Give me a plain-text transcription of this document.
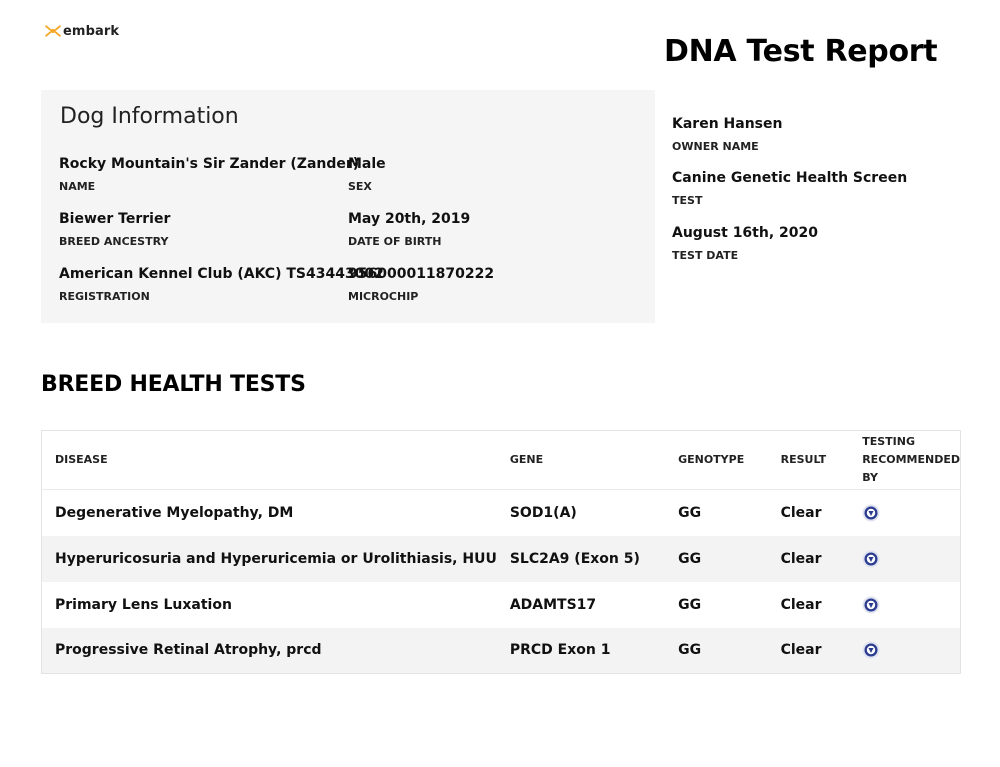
embark
DNA Test Report
Dog Information
Rocky Mountain's Sir Zander (Zander)
NAME
Male
SEX
Biewer Terrier
BREED ANCESTRY
May 20th, 2019
DATE OF BIRTH
American Kennel Club (AKC) TS43443002
REGISTRATION
956000011870222
MICROCHIP
Karen Hansen
OWNER NAME
Canine Genetic Health Screen
TEST
August 16th, 2020
TEST DATE
BREED HEALTH TESTS
DISEASE	GENE	GENOTYPE	RESULT	TESTING
RECOMMENDED BY
Degenerative Myelopathy, DM	SOD1(A)	GG	Clear	
Hyperuricosuria and Hyperuricemia or Urolithiasis, HUU	SLC2A9 (Exon 5)	GG	Clear	
Primary Lens Luxation	ADAMTS17	GG	Clear	
Progressive Retinal Atrophy, prcd	PRCD Exon 1	GG	Clear	
